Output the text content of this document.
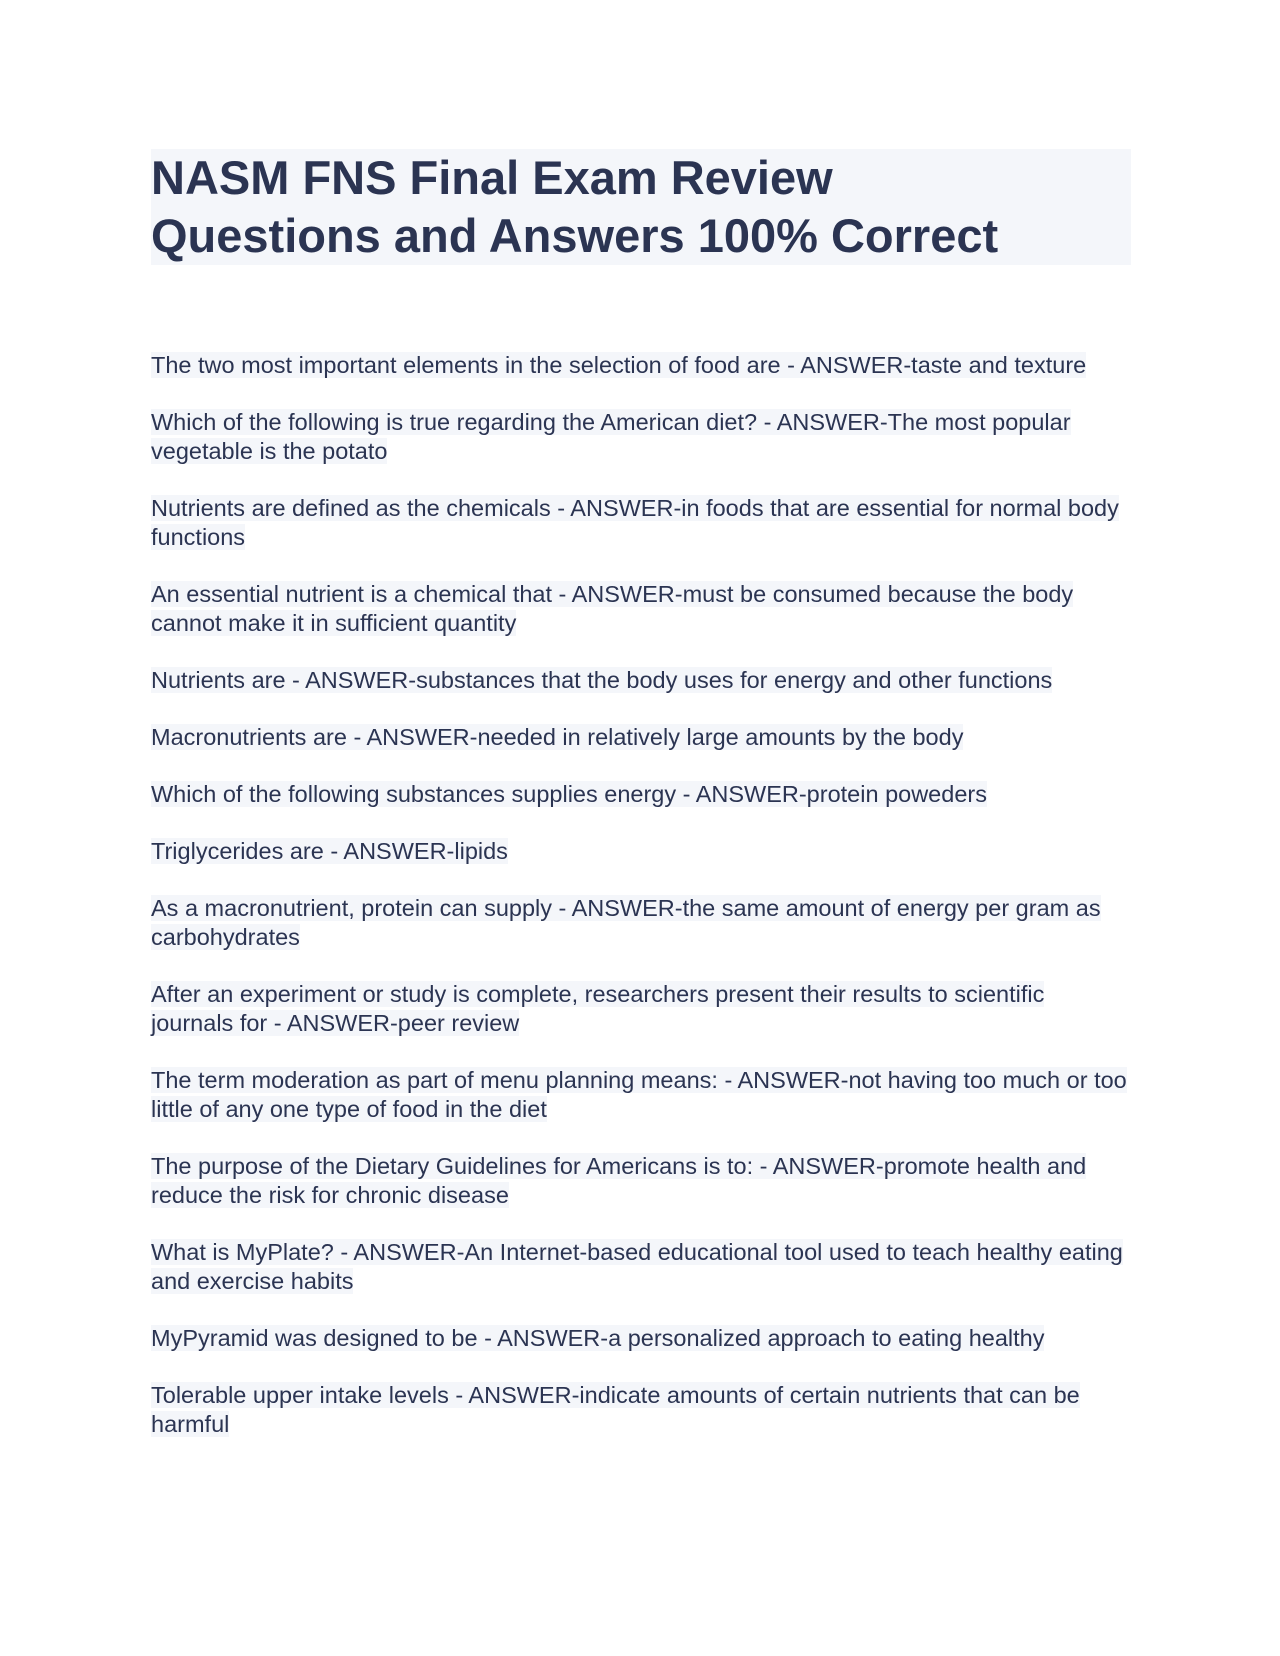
NASM FNS Final Exam Review
Questions and Answers 100% Correct

The two most important elements in the selection of food are - ANSWER-taste and texture

Which of the following is true regarding the American diet? - ANSWER-The most popular vegetable is the potato

Nutrients are defined as the chemicals - ANSWER-in foods that are essential for normal body functions

An essential nutrient is a chemical that - ANSWER-must be consumed because the body cannot make it in sufficient quantity

Nutrients are - ANSWER-substances that the body uses for energy and other functions

Macronutrients are - ANSWER-needed in relatively large amounts by the body

Which of the following substances supplies energy - ANSWER-protein poweders

Triglycerides are - ANSWER-lipids

As a macronutrient, protein can supply - ANSWER-the same amount of energy per gram as carbohydrates

After an experiment or study is complete, researchers present their results to scientific journals for - ANSWER-peer review

The term moderation as part of menu planning means: - ANSWER-not having too much or too little of any one type of food in the diet

The purpose of the Dietary Guidelines for Americans is to: - ANSWER-promote health and reduce the risk for chronic disease

What is MyPlate? - ANSWER-An Internet-based educational tool used to teach healthy eating and exercise habits

MyPyramid was designed to be - ANSWER-a personalized approach to eating healthy

Tolerable upper intake levels - ANSWER-indicate amounts of certain nutrients that can be harmful
